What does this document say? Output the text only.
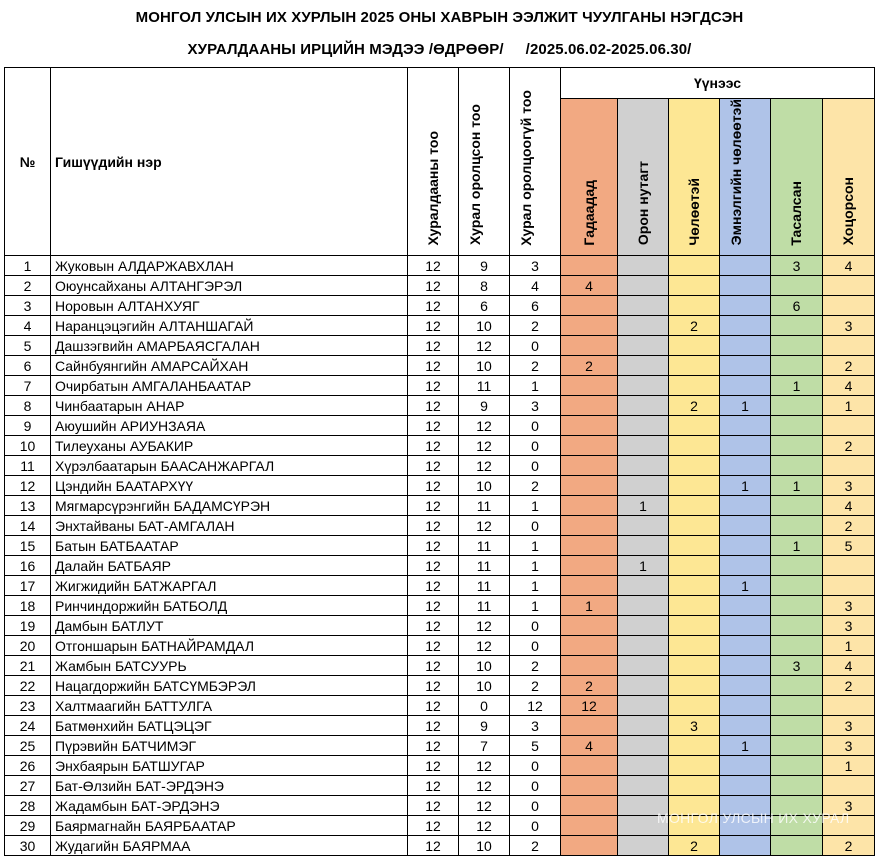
МОНГОЛ УЛСЫН ИХ ХУРЛЫН 2025 ОНЫ ХАВРЫН ЭЭЛЖИТ ЧУУЛГАНЫ НЭГДСЭН
ХУРАЛДААНЫ ИРЦИЙН МЭДЭЭ /ӨДРӨӨР/ /2025.06.02-2025.06.30/
№	Гишүүдийн нэр	Хуралдааны тоо	Хурал оролцсон тоо	Хурал оролцоогүй тоо	Үүнээс					
					Гадаадад	Орон нутагт	Чөлөөтэй	Эмнэлгийн чөлөөтэй	Тасалсан	Хоцорсон
1	Жуковын АЛДАРЖАВХЛАН	12	9	3					3	4
2	Оюунсайханы АЛТАНГЭРЭЛ	12	8	4	4					
3	Норовын АЛТАНХУЯГ	12	6	6					6	
4	Наранцэцэгийн АЛТАНШАГАЙ	12	10	2			2			3
5	Дашзэгвийн АМАРБАЯСГАЛАН	12	12	0						
6	Сайнбуянгийн АМАРСАЙХАН	12	10	2	2					2
7	Очирбатын АМГАЛАНБААТАР	12	11	1					1	4
8	Чинбаатарын АНАР	12	9	3			2	1		1
9	Аюушийн АРИУНЗАЯА	12	12	0						
10	Тилеуханы АУБАКИР	12	12	0						2
11	Хүрэлбаатарын БААСАНЖАРГАЛ	12	12	0						
12	Цэндийн БААТАРХҮҮ	12	10	2				1	1	3
13	Мягмарсүрэнгийн БАДАМСҮРЭН	12	11	1		1				4
14	Энхтайваны БАТ-АМГАЛАН	12	12	0						2
15	Батын БАТБААТАР	12	11	1					1	5
16	Далайн БАТБАЯР	12	11	1		1				
17	Жигжидийн БАТЖАРГАЛ	12	11	1				1		
18	Ринчиндоржийн БАТБОЛД	12	11	1	1					3
19	Дамбын БАТЛУТ	12	12	0						3
20	Отгоншарын БАТНАЙРАМДАЛ	12	12	0						1
21	Жамбын БАТСУУРЬ	12	10	2					3	4
22	Нацагдоржийн БАТСҮМБЭРЭЛ	12	10	2	2					2
23	Халтмаагийн БАТТУЛГА	12	0	12	12					
24	Батмөнхийн БАТЦЭЦЭГ	12	9	3			3			3
25	Пүрэвийн БАТЧИМЭГ	12	7	5	4			1		3
26	Энхбаярын БАТШУГАР	12	12	0						1
27	Бат-Өлзийн БАТ-ЭРДЭНЭ	12	12	0						
28	Жадамбын БАТ-ЭРДЭНЭ	12	12	0						3
29	Баярмагнайн БАЯРБААТАР	12	12	0						
30	Жудагийн БАЯРМАА	12	10	2			2			2
МОНГОЛ УЛСЫН ИХ ХУРАЛ
